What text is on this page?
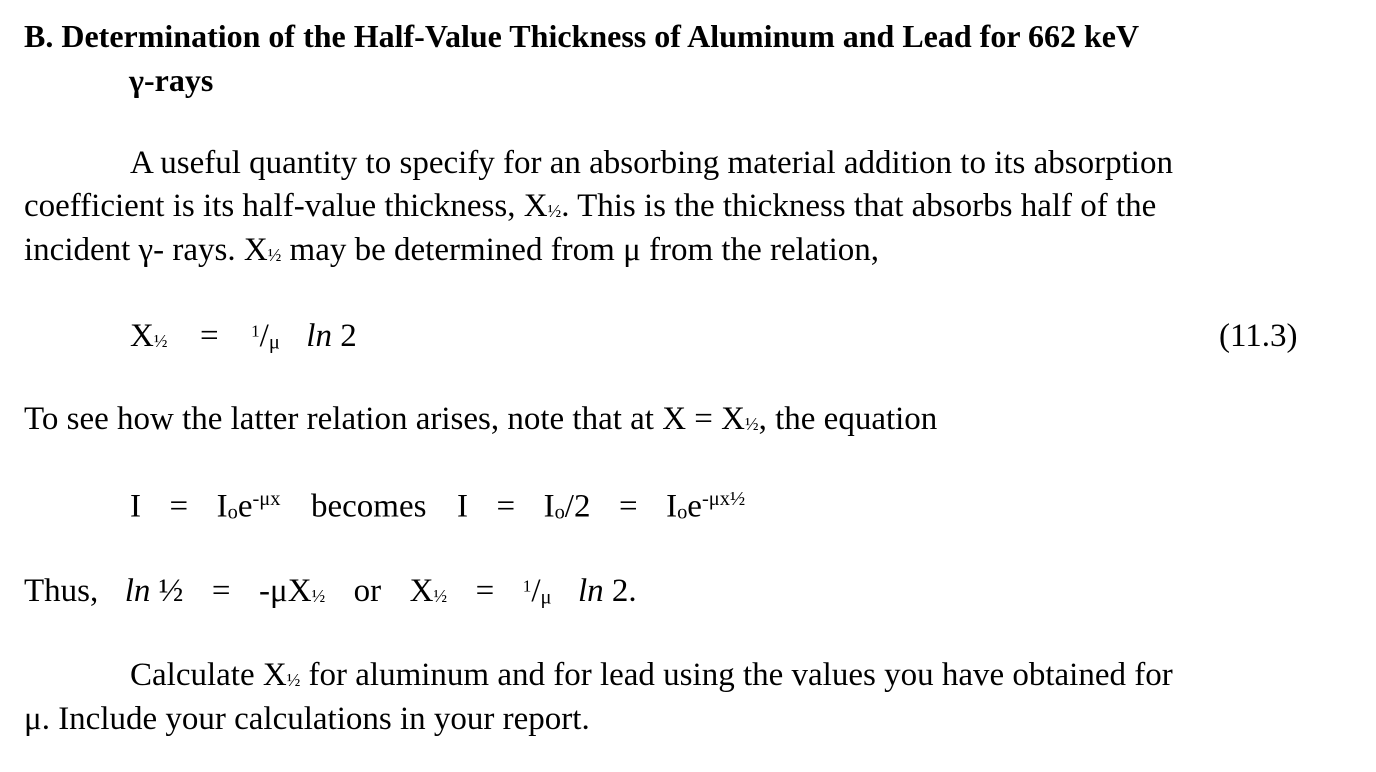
B. Determination of the Half-Value Thickness of Aluminum and Lead for 662 keV
γ-rays
A useful quantity to specify for an absorbing material addition to its absorption
coefficient is its half-value thickness, X½. This is the thickness that absorbs half of the
incident γ- rays. X½ may be determined from μ from the relation,
X½ = $^1$/μ ln 2	(11.3)
To see how the latter relation arises, note that at X = X½, the equation
I = Ioe$^{-\mu x}$ becomes I = Io/2 = Ioe$^{-\mu x\frac{1}{2}}$
Thus, ln ½ = -μX½ or X½ = $^1$/μ ln 2.
Calculate X½ for aluminum and for lead using the values you have obtained for
μ. Include your calculations in your report.
